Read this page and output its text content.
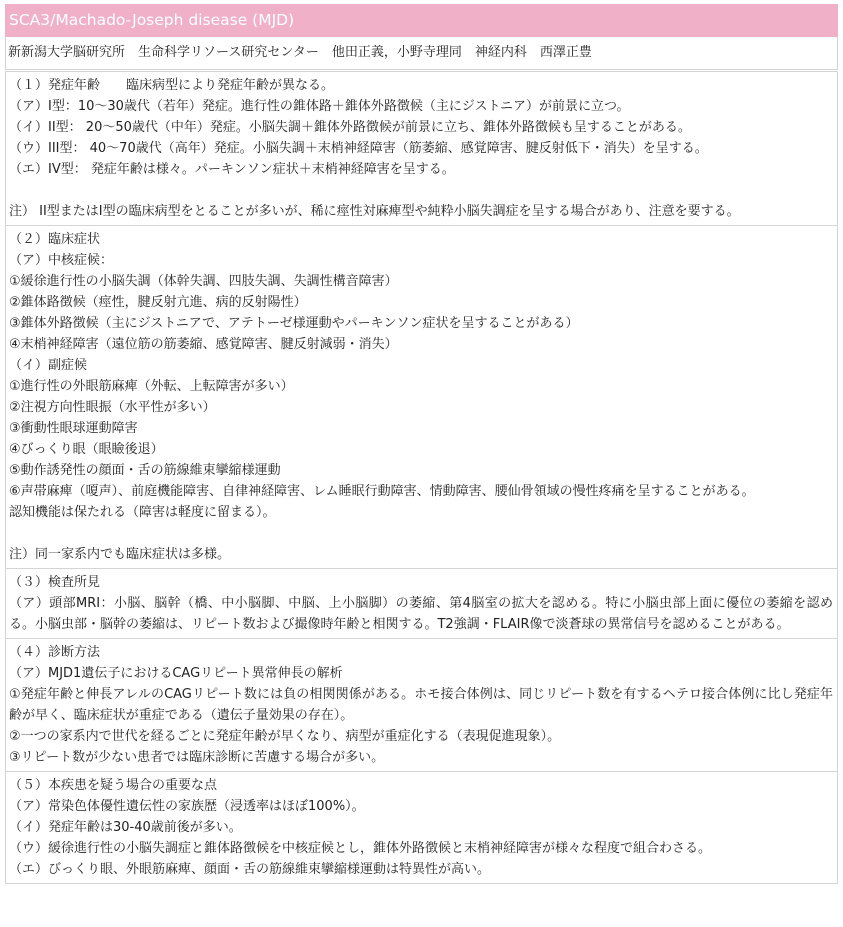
SCA3/Machado-Joseph disease (MJD)
新新潟大学脳研究所　生命科学リソース研究センター　他田正義，小野寺理同　神経内科　西澤正豊
（１）発症年齢　　臨床病型により発症年齢が異なる。
（ア）I型：10～30歳代（若年）発症。進行性の錐体路＋錐体外路徴候（主にジストニア）が前景に立つ。
（イ）II型： 20～50歳代（中年）発症。小脳失調＋錐体外路徴候が前景に立ち、錐体外路徴候も呈することがある。
（ウ）III型： 40～70歳代（高年）発症。小脳失調＋末梢神経障害（筋萎縮、感覚障害、腱反射低下・消失）を呈する。
（エ）IV型： 発症年齢は様々。パーキンソン症状＋末梢神経障害を呈する。
注） II型またはI型の臨床病型をとることが多いが、稀に痙性対麻痺型や純粋小脳失調症を呈する場合があり、注意を要する。
（２）臨床症状
（ア）中核症候：
①緩徐進行性の小脳失調（体幹失調、四肢失調、失調性構音障害）
②錐体路徴候（痙性，腱反射亢進、病的反射陽性）
③錐体外路徴候（主にジストニアで、アテトーゼ様運動やパーキンソン症状を呈することがある）
④末梢神経障害（遠位筋の筋萎縮、感覚障害、腱反射減弱・消失）
（イ）副症候
①進行性の外眼筋麻痺（外転、上転障害が多い）
②注視方向性眼振（水平性が多い）
③衝動性眼球運動障害
④びっくり眼（眼瞼後退）
⑤動作誘発性の顔面・舌の筋線維束攣縮様運動
⑥声帯麻痺（嗄声）、前庭機能障害、自律神経障害、レム睡眠行動障害、情動障害、腰仙骨領域の慢性疼痛を呈することがある。
認知機能は保たれる（障害は軽度に留まる）。
注）同一家系内でも臨床症状は多様。
（３）検査所見
（ア）頭部MRI：小脳、脳幹（橋、中小脳脚、中脳、上小脳脚）の萎縮、第4脳室の拡大を認める。特に小脳虫部上面に優位の萎縮を認める。小脳虫部・脳幹の萎縮は、リピート数および撮像時年齢と相関する。T2強調・FLAIR像で淡蒼球の異常信号を認めることがある。
（４）診断方法
（ア）MJD1遺伝子におけるCAGリピート異常伸長の解析
①発症年齢と伸長アレルのCAGリピート数には負の相関関係がある。ホモ接合体例は、同じリピート数を有するヘテロ接合体例に比し発症年齢が早く、臨床症状が重症である（遺伝子量効果の存在）。
②一つの家系内で世代を経るごとに発症年齢が早くなり、病型が重症化する（表現促進現象）。
③リピート数が少ない患者では臨床診断に苦慮する場合が多い。
（５）本疾患を疑う場合の重要な点
（ア）常染色体優性遺伝性の家族歴（浸透率はほぼ100%）。
（イ）発症年齢は30-40歳前後が多い。
（ウ）緩徐進行性の小脳失調症と錐体路徴候を中核症候とし，錐体外路徴候と末梢神経障害が様々な程度で組合わさる。
（エ）びっくり眼、外眼筋麻痺、顔面・舌の筋線維束攣縮様運動は特異性が高い。
